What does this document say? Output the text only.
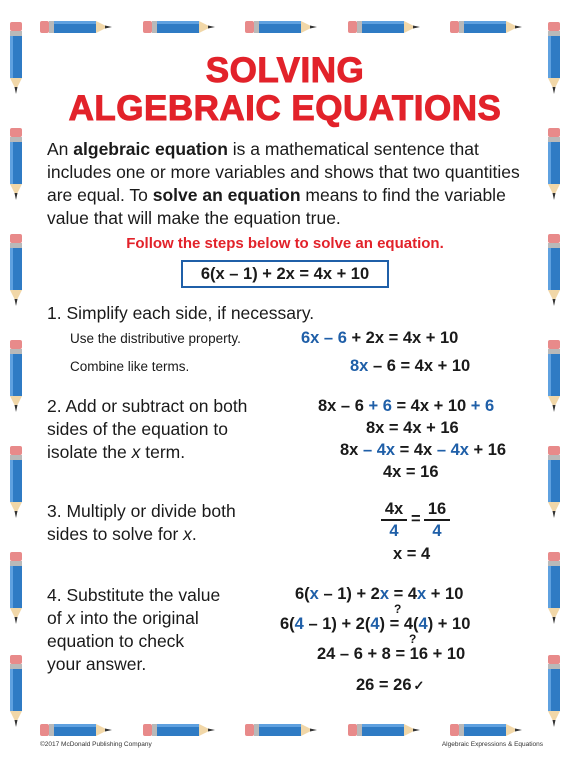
SOLVING
ALGEBRAIC EQUATIONS
An algebraic equation is a mathematical sentence that includes one or more variables and shows that two quantities are equal. To solve an equation means to find the variable value that will make the equation true.
Follow the steps below to solve an equation.
6(x – 1) + 2x = 4x + 10
1. Simplify each side, if necessary.
Use the distributive property.
Combine like terms.
6x – 6 + 2x = 4x + 10
8x – 6 = 4x + 10
2. Add or subtract on both
sides of the equation to
isolate the x term.
8x – 6 + 6 = 4x + 10 + 6
8x = 4x + 16
8x – 4x = 4x – 4x + 16
4x = 16
3. Multiply or divide both
sides to solve for x.	$\frac{4x}{4} = \frac{16}{4}$
x = 4
4. Substitute the value
of x into the original
equation to check
your answer.
6(x – 1) + 2x = 4x + 10
?
6(4 – 1) + 2(4) = 4(4) + 10
?
24 – 6 + 8 = 16 + 10
26 = 26 ✓
©2017 McDonald Publishing Company	Algebraic Expressions & Equations
